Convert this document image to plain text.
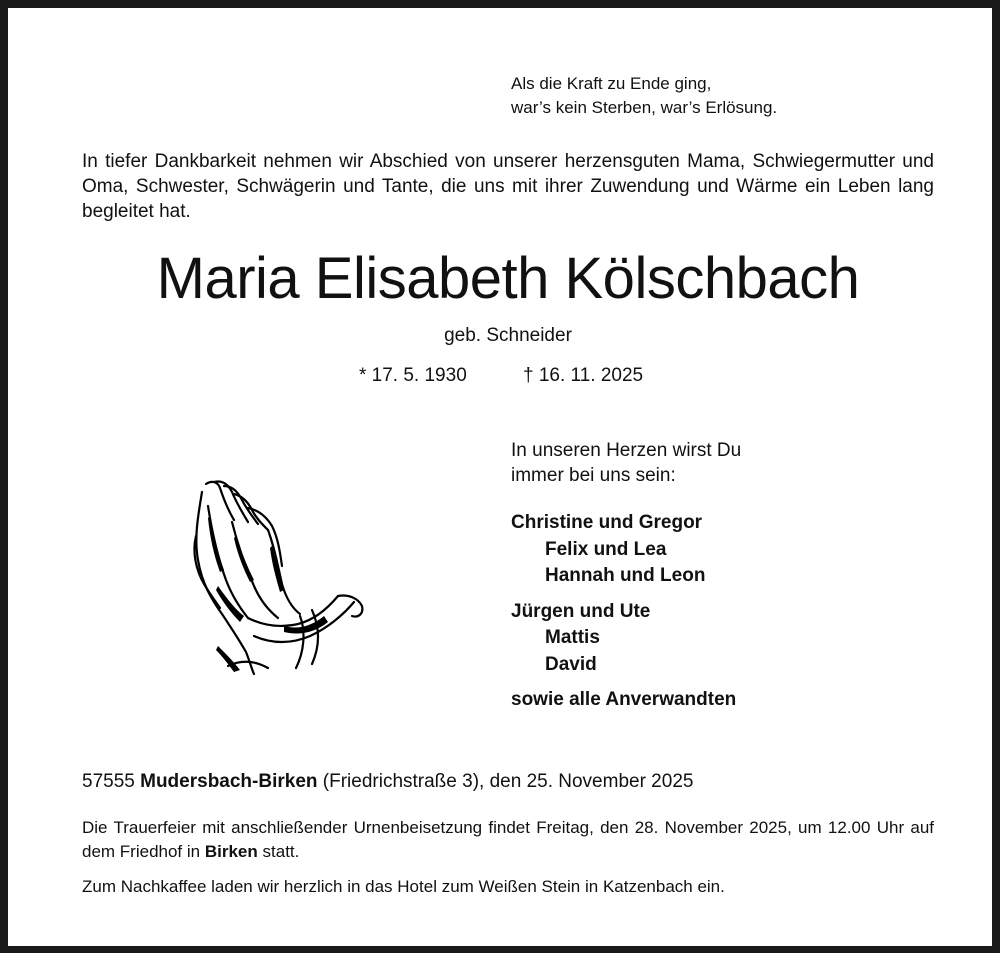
Als die Kraft zu Ende ging,
war’s kein Sterben, war’s Erlösung.
In tiefer Dankbarkeit nehmen wir Abschied von unserer herzensguten Mama, Schwiegermutter und Oma, Schwester, Schwägerin und Tante, die uns mit ihrer Zuwendung und Wärme ein Leben lang begleitet hat.
Maria Elisabeth Kölschbach
geb. Schneider
* 17. 5. 1930	† 16. 11. 2025
In unseren Herzen wirst Du
immer bei uns sein:
Christine und Gregor
Felix und Lea
Hannah und Leon
Jürgen und Ute
Mattis
David
sowie alle Anverwandten
57555 Mudersbach-Birken (Friedrichstraße 3), den 25. November 2025
Die Trauerfeier mit anschließender Urnenbeisetzung findet Freitag, den 28. November 2025, um 12.00 Uhr auf dem Friedhof in Birken statt.
Zum Nachkaffee laden wir herzlich in das Hotel zum Weißen Stein in Katzenbach ein.
